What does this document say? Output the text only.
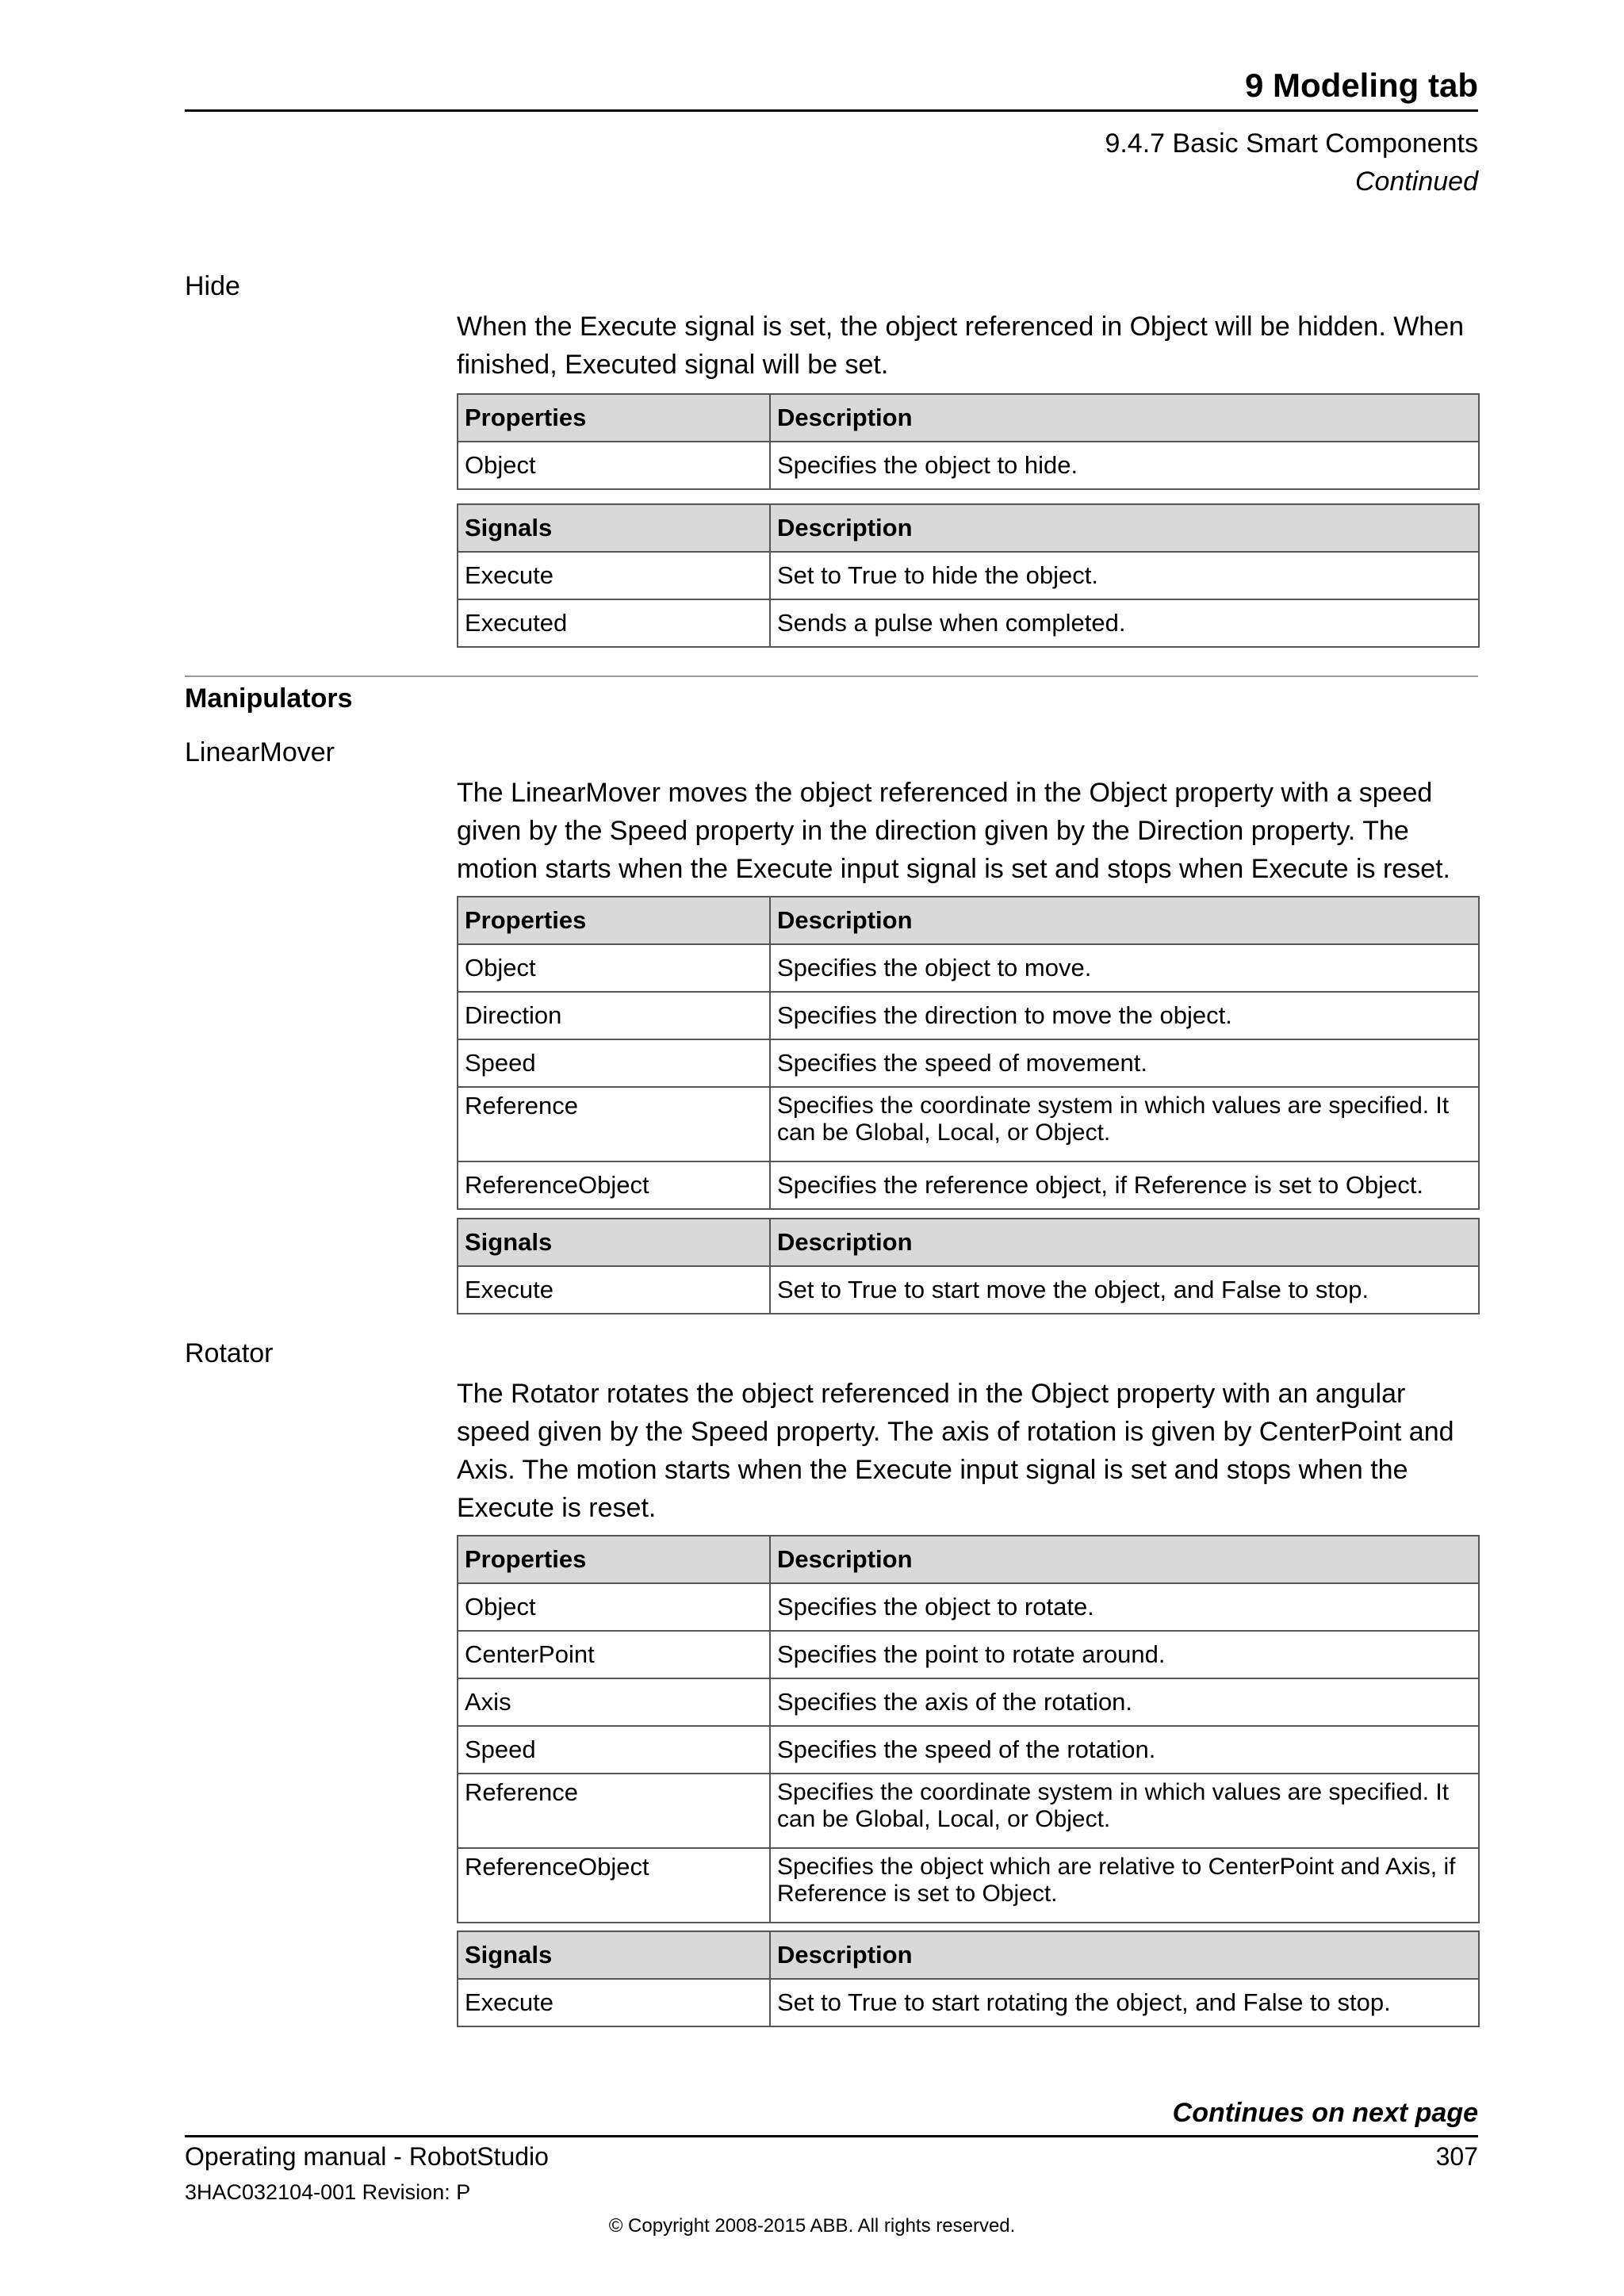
9 Modeling tab
9.4.7 Basic Smart Components
Continued
Hide
When the Execute signal is set, the object referenced in Object will be hidden. When finished, Executed signal will be set.
Properties	Description
Object	Specifies the object to hide.
Signals	Description
Execute	Set to True to hide the object.
Executed	Sends a pulse when completed.
Manipulators
LinearMover
The LinearMover moves the object referenced in the Object property with a speed given by the Speed property in the direction given by the Direction property. The motion starts when the Execute input signal is set and stops when Execute is reset.
Properties	Description
Object	Specifies the object to move.
Direction	Specifies the direction to move the object.
Speed	Specifies the speed of movement.
Reference	Specifies the coordinate system in which values are specified. It can be Global, Local, or Object.
ReferenceObject	Specifies the reference object, if Reference is set to Object.
Signals	Description
Execute	Set to True to start move the object, and False to stop.
Rotator
The Rotator rotates the object referenced in the Object property with an angular speed given by the Speed property. The axis of rotation is given by CenterPoint and Axis. The motion starts when the Execute input signal is set and stops when the Execute is reset.
Properties	Description
Object	Specifies the object to rotate.
CenterPoint	Specifies the point to rotate around.
Axis	Specifies the axis of the rotation.
Speed	Specifies the speed of the rotation.
Reference	Specifies the coordinate system in which values are specified. It can be Global, Local, or Object.
ReferenceObject	Specifies the object which are relative to CenterPoint and Axis, if Reference is set to Object.
Signals	Description
Execute	Set to True to start rotating the object, and False to stop.
Continues on next page
Operating manual - RobotStudio	307
3HAC032104-001 Revision: P
© Copyright 2008-2015 ABB. All rights reserved.
